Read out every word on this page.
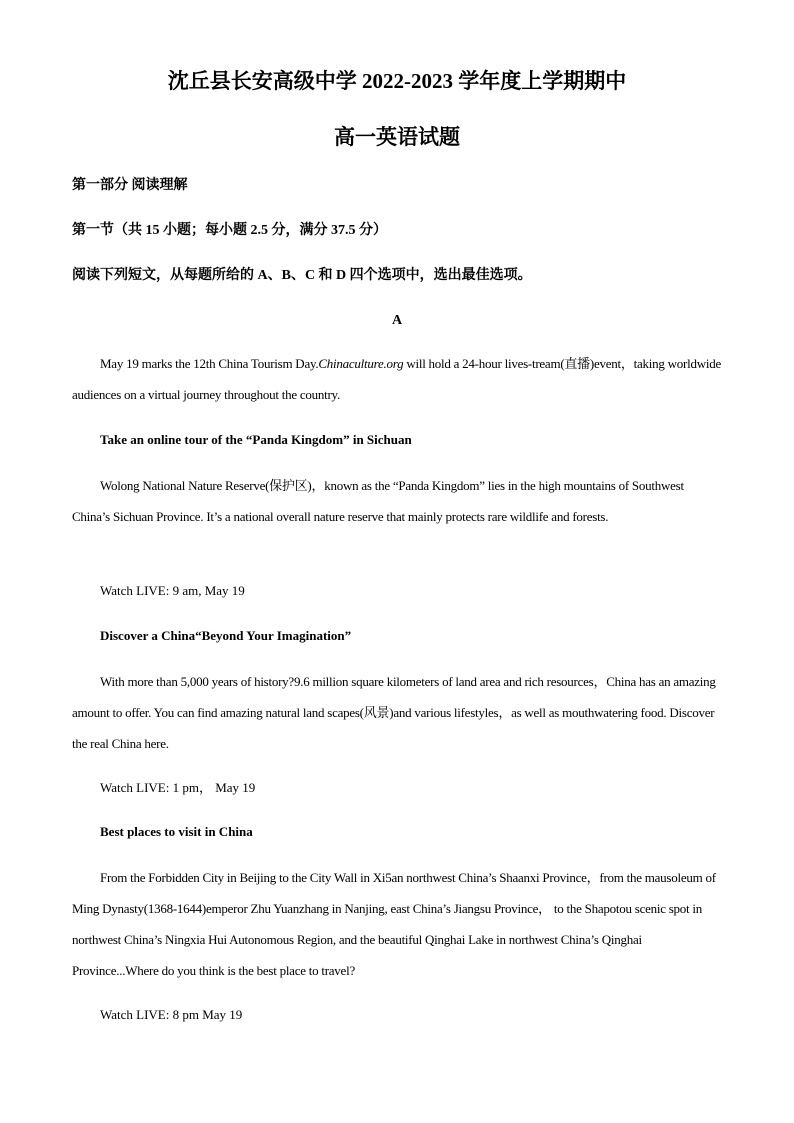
沈丘县长安高级中学 2022-2023 学年度上学期期中
高一英语试题
第一部分 阅读理解
第一节（共 15 小题；每小题 2.5 分，满分 37.5 分）
阅读下列短文，从每题所给的 A、B、C 和 D 四个选项中，选出最佳选项。
A
May 19 marks the 12th China Tourism Day.Chinaculture.org will hold a 24-hour lives-tream(直播)event，taking worldwide audiences on a virtual journey throughout the country.
Take an online tour of the “Panda Kingdom” in Sichuan
Wolong National Nature Reserve(保护区)，known as the “Panda Kingdom” lies in the high mountains of Southwest China’s Sichuan Province. It’s a national overall nature reserve that mainly protects rare wildlife and forests.
Watch LIVE: 9 am, May 19
Discover a China“Beyond Your Imagination”
With more than 5,000 years of history?9.6 million square kilometers of land area and rich resources，China has an amazing amount to offer. You can find amazing natural land scapes(风景)and various lifestyles，as well as mouthwatering food. Discover the real China here.
Watch LIVE: 1 pm， May 19
Best places to visit in China
From the Forbidden City in Beijing to the City Wall in Xi5an northwest China’s Shaanxi Province，from the mausoleum of Ming Dynasty(1368-1644)emperor Zhu Yuanzhang in Nanjing, east China’s Jiangsu Province， to the Shapotou scenic spot in northwest China’s Ningxia Hui Autonomous Region, and the beautiful Qinghai Lake in northwest China’s Qinghai Province...Where do you think is the best place to travel?
Watch LIVE: 8 pm May 19
